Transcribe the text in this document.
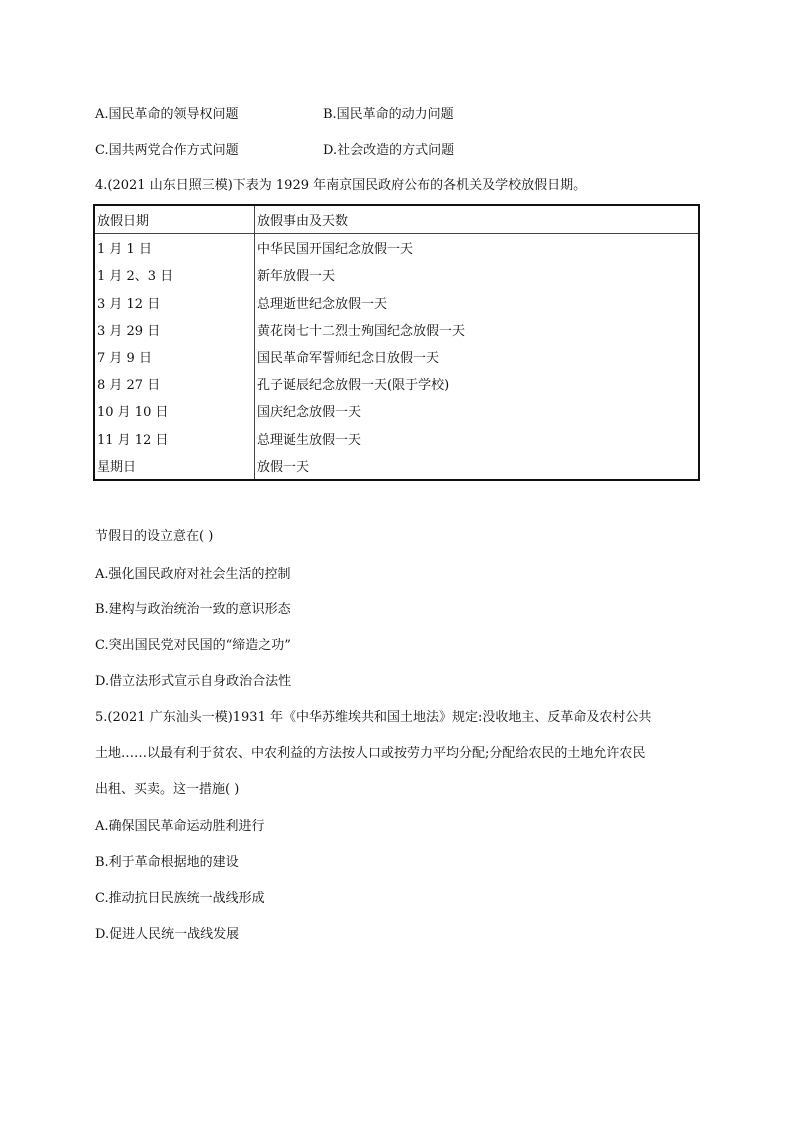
A.国民革命的领导权问题	B.国民革命的动力问题
C.国共两党合作方式问题	D.社会改造的方式问题
4.(2021 山东日照三模)下表为 1929 年南京国民政府公布的各机关及学校放假日期。
放假日期	放假事由及天数
1 月 1 日	中华民国开国纪念放假一天
1 月 2、3 日	新年放假一天
3 月 12 日	总理逝世纪念放假一天
3 月 29 日	黄花岗七十二烈士殉国纪念放假一天
7 月 9 日	国民革命军誓师纪念日放假一天
8 月 27 日	孔子诞辰纪念放假一天(限于学校)
10 月 10 日	国庆纪念放假一天
11 月 12 日	总理诞生放假一天
星期日	放假一天
节假日的设立意在( )
A.强化国民政府对社会生活的控制
B.建构与政治统治一致的意识形态
C.突出国民党对民国的“缔造之功”
D.借立法形式宣示自身政治合法性
5.(2021 广东汕头一模)1931 年《中华苏维埃共和国土地法》规定:没收地主、反革命及农村公共
土地……以最有利于贫农、中农利益的方法按人口或按劳力平均分配;分配给农民的土地允许农民
出租、买卖。这一措施( )
A.确保国民革命运动胜利进行
B.利于革命根据地的建设
C.推动抗日民族统一战线形成
D.促进人民统一战线发展
